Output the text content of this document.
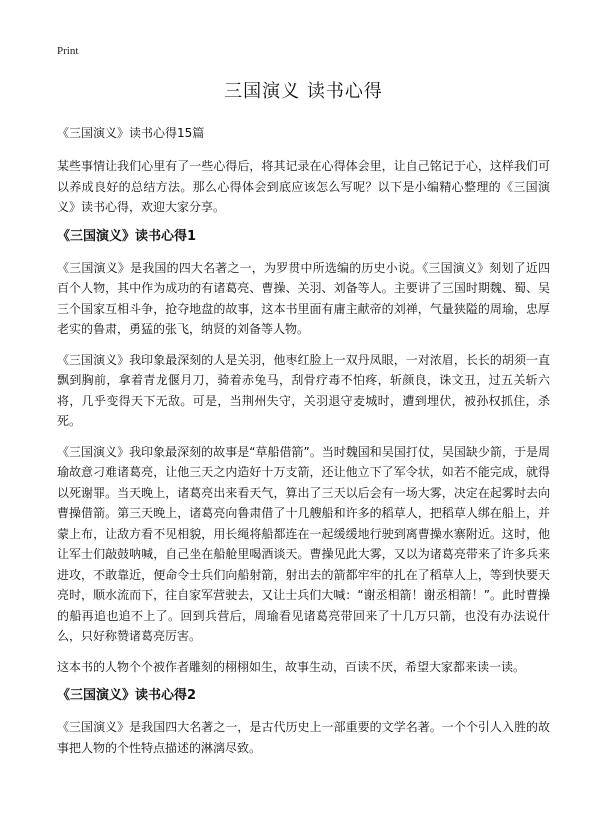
Print
三国演义 读书心得
《三国演义》读书心得15篇

某些事情让我们心里有了一些心得后，将其记录在心得体会里，让自己铭记于心，这样我们可以养成良好的总结方法。那么心得体会到底应该怎么写呢？以下是小编精心整理的《三国演义》读书心得，欢迎大家分享。

《三国演义》读书心得1

《三国演义》是我国的四大名著之一，为罗贯中所选编的历史小说。《三国演义》刻划了近四百个人物，其中作为成功的有诸葛亮、曹操、关羽、刘备等人。主要讲了三国时期魏、蜀、吴三个国家互相斗争，抢夺地盘的故事，这本书里面有庸主献帝的刘禅，气量狭隘的周瑜，忠厚老实的鲁肃，勇猛的张飞，纳贤的刘备等人物。

《三国演义》我印象最深刻的人是关羽，他枣红脸上一双丹凤眼，一对浓眉，长长的胡须一直飘到胸前，拿着青龙偃月刀，骑着赤兔马，刮骨疗毒不怕疼，斩颜良，诛文丑，过五关斩六将，几乎变得天下无敌。可是，当荆州失守，关羽退守麦城时，遭到埋伏，被孙权抓住，杀死。

《三国演义》我印象最深刻的故事是“草船借箭”。当时魏国和吴国打仗，吴国缺少箭，于是周瑜故意刁难诸葛亮，让他三天之内造好十万支箭，还让他立下了军令状，如若不能完成，就得以死谢罪。当天晚上，诸葛亮出来看天气，算出了三天以后会有一场大雾，决定在起雾时去向曹操借箭。第三天晚上，诸葛亮向鲁肃借了十几艘船和许多的稻草人，把稻草人绑在船上，并蒙上布，让敌方看不见相貌，用长绳将船都连在一起缓缓地行驶到离曹操水寨附近。这时，他让军士们敲鼓呐喊，自己坐在船舱里喝酒谈天。曹操见此大雾，又以为诸葛亮带来了许多兵来进攻，不敢靠近，便命令士兵们向船射箭，射出去的箭都牢牢的扎在了稻草人上，等到快要天亮时，顺水流而下，往自家军营驶去，又让士兵们大喊：“谢丞相箭！谢丞相箭！”。此时曹操的船再追也追不上了。回到兵营后，周瑜看见诸葛亮带回来了十几万只箭，也没有办法说什么，只好称赞诸葛亮厉害。

这本书的人物个个被作者雕刻的栩栩如生，故事生动，百读不厌，希望大家都来读一读。

《三国演义》读书心得2

《三国演义》是我国四大名著之一，是古代历史上一部重要的文学名著。一个个引人入胜的故事把人物的个性特点描述的淋漓尽致。
